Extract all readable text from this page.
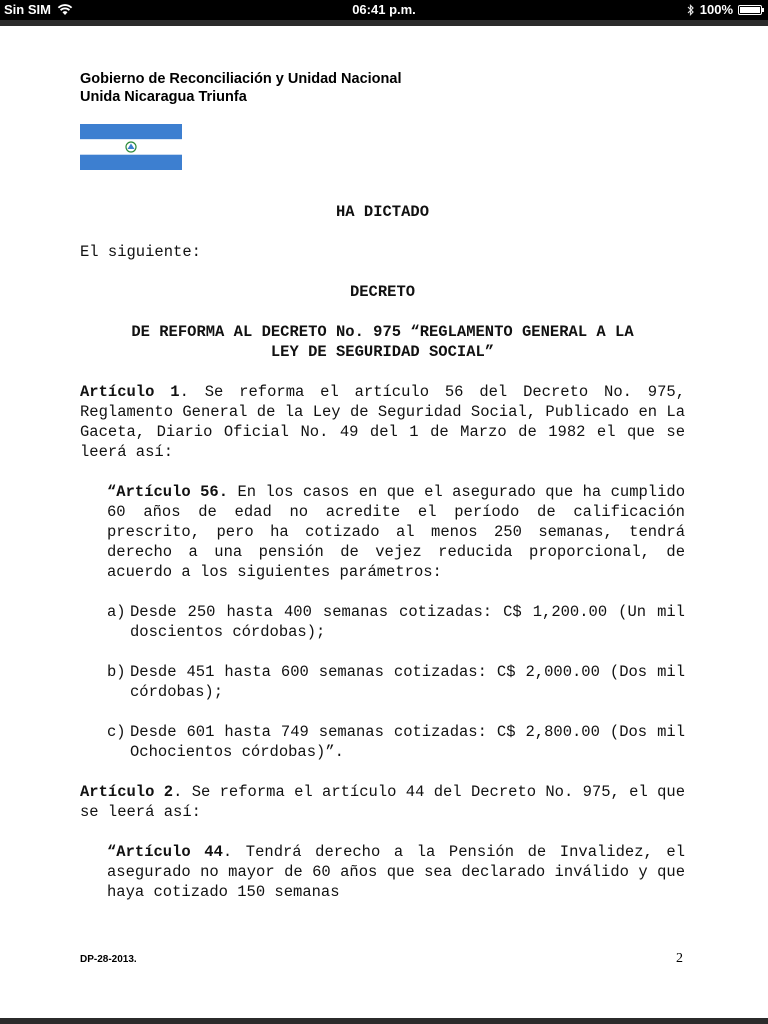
Sin SIM	06:41 p.m.	100%
Gobierno de Reconciliación y Unidad Nacional
Unida Nicaragua Triunfa

HA DICTADO

El siguiente:

DECRETO

DE REFORMA AL DECRETO No. 975 “REGLAMENTO GENERAL A LA

LEY DE SEGURIDAD SOCIAL”

Artículo 1. Se reforma el artículo 56 del Decreto No. 975, Reglamento General de la Ley de Seguridad Social, Publicado en La Gaceta, Diario Oficial No. 49 del 1 de Marzo de 1982 el que se leerá así:

“Artículo 56. En los casos en que el asegurado que ha cumplido 60 años de edad no acredite el período de calificación prescrito, pero ha cotizado al menos 250 semanas, tendrá derecho a una pensión de vejez reducida proporcional, de acuerdo a los siguientes parámetros:

a) Desde 250 hasta 400 semanas cotizadas: C$ 1,200.00 (Un mil doscientos córdobas);
b) Desde 451 hasta 600 semanas cotizadas: C$ 2,000.00 (Dos mil córdobas);
c) Desde 601 hasta 749 semanas cotizadas: C$ 2,800.00 (Dos mil Ochocientos córdobas)”.

Artículo 2. Se reforma el artículo 44 del Decreto No. 975, el que se leerá así:

“Artículo 44. Tendrá derecho a la Pensión de Invalidez, el asegurado no mayor de 60 años que sea declarado inválido y que haya cotizado 150 semanas

DP-28-2013.	2
